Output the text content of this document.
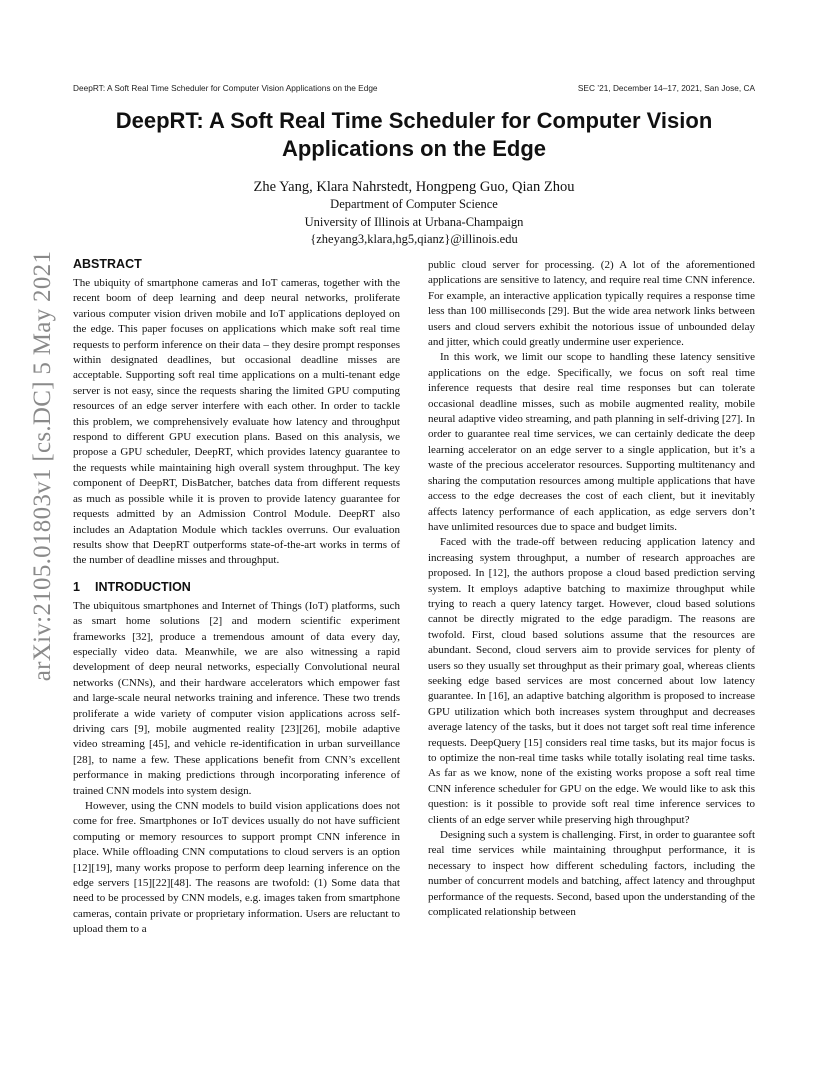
DeepRT: A Soft Real Time Scheduler for Computer Vision Applications on the Edge	SEC ’21, December 14–17, 2021, San Jose, CA
arXiv:2105.01803v1 [cs.DC] 5 May 2021
DeepRT: A Soft Real Time Scheduler for Computer Vision
Applications on the Edge
Zhe Yang, Klara Nahrstedt, Hongpeng Guo, Qian Zhou
Department of Computer Science
University of Illinois at Urbana-Champaign
{zheyang3,klara,hg5,qianz}@illinois.edu
ABSTRACT

The ubiquity of smartphone cameras and IoT cameras, together with the recent boom of deep learning and deep neural networks, proliferate various computer vision driven mobile and IoT applications deployed on the edge. This paper focuses on applications which make soft real time requests to perform inference on their data – they desire prompt responses within designated deadlines, but occasional deadline misses are acceptable. Supporting soft real time applications on a multi-tenant edge server is not easy, since the requests sharing the limited GPU computing resources of an edge server interfere with each other. In order to tackle this problem, we comprehensively evaluate how latency and throughput respond to different GPU execution plans. Based on this analysis, we propose a GPU scheduler, DeepRT, which provides latency guarantee to the requests while maintaining high overall system throughput. The key component of DeepRT, DisBatcher, batches data from different requests as much as possible while it is proven to provide latency guarantee for requests admitted by an Admission Control Module. DeepRT also includes an Adaptation Module which tackles overruns. Our evaluation results show that DeepRT outperforms state-of-the-art works in terms of the number of deadline misses and throughput.

1 INTRODUCTION

The ubiquitous smartphones and Internet of Things (IoT) platforms, such as smart home solutions [2] and modern scientific experiment frameworks [32], produce a tremendous amount of data every day, especially video data. Meanwhile, we are also witnessing a rapid development of deep neural networks, especially Convolutional neural networks (CNNs), and their hardware accelerators which empower fast and large-scale neural networks training and inference. These two trends proliferate a wide variety of computer vision applications across self-driving cars [9], mobile augmented reality [23][26], mobile adaptive video streaming [45], and vehicle re-identification in urban surveillance [28], to name a few. These applications benefit from CNN’s excellent performance in making predictions through incorporating inference of trained CNN models into system design.

However, using the CNN models to build vision applications does not come for free. Smartphones or IoT devices usually do not have sufficient computing or memory resources to support prompt CNN inference in place. While offloading CNN computations to cloud servers is an option [12][19], many works propose to perform deep learning inference on the edge servers [15][22][48]. The reasons are twofold: (1) Some data that need to be processed by CNN models, e.g. images taken from smartphone cameras, contain private or proprietary information. Users are reluctant to upload them to a

public cloud server for processing. (2) A lot of the aforementioned applications are sensitive to latency, and require real time CNN inference. For example, an interactive application typically requires a response time less than 100 milliseconds [29]. But the wide area network links between users and cloud servers exhibit the notorious issue of unbounded delay and jitter, which could greatly undermine user experience.

In this work, we limit our scope to handling these latency sensitive applications on the edge. Specifically, we focus on soft real time inference requests that desire real time responses but can tolerate occasional deadline misses, such as mobile augmented reality, mobile neural adaptive video streaming, and path planning in self-driving [27]. In order to guarantee real time services, we can certainly dedicate the deep learning accelerator on an edge server to a single application, but it’s a waste of the precious accelerator resources. Supporting multitenancy and sharing the computation resources among multiple applications that have access to the edge decreases the cost of each client, but it inevitably affects latency performance of each application, as edge servers don’t have unlimited resources due to space and budget limits.

Faced with the trade-off between reducing application latency and increasing system throughput, a number of research approaches are proposed. In [12], the authors propose a cloud based prediction serving system. It employs adaptive batching to maximize throughput while trying to reach a query latency target. However, cloud based solutions cannot be directly migrated to the edge paradigm. The reasons are twofold. First, cloud based solutions assume that the resources are abundant. Second, cloud servers aim to provide services for plenty of users so they usually set throughput as their primary goal, whereas clients seeking edge based services are most concerned about low latency guarantee. In [16], an adaptive batching algorithm is proposed to increase GPU utilization which both increases system throughput and decreases average latency of the tasks, but it does not target soft real time inference requests. DeepQuery [15] considers real time tasks, but its major focus is to optimize the non-real time tasks while totally isolating real time tasks. As far as we know, none of the existing works propose a soft real time CNN inference scheduler for GPU on the edge. We would like to ask this question: is it possible to provide soft real time inference services to clients of an edge server while preserving high throughput?

Designing such a system is challenging. First, in order to guarantee soft real time services while maintaining throughput performance, it is necessary to inspect how different scheduling factors, including the number of concurrent models and batching, affect latency and throughput performance of the requests. Second, based upon the understanding of the complicated relationship between
